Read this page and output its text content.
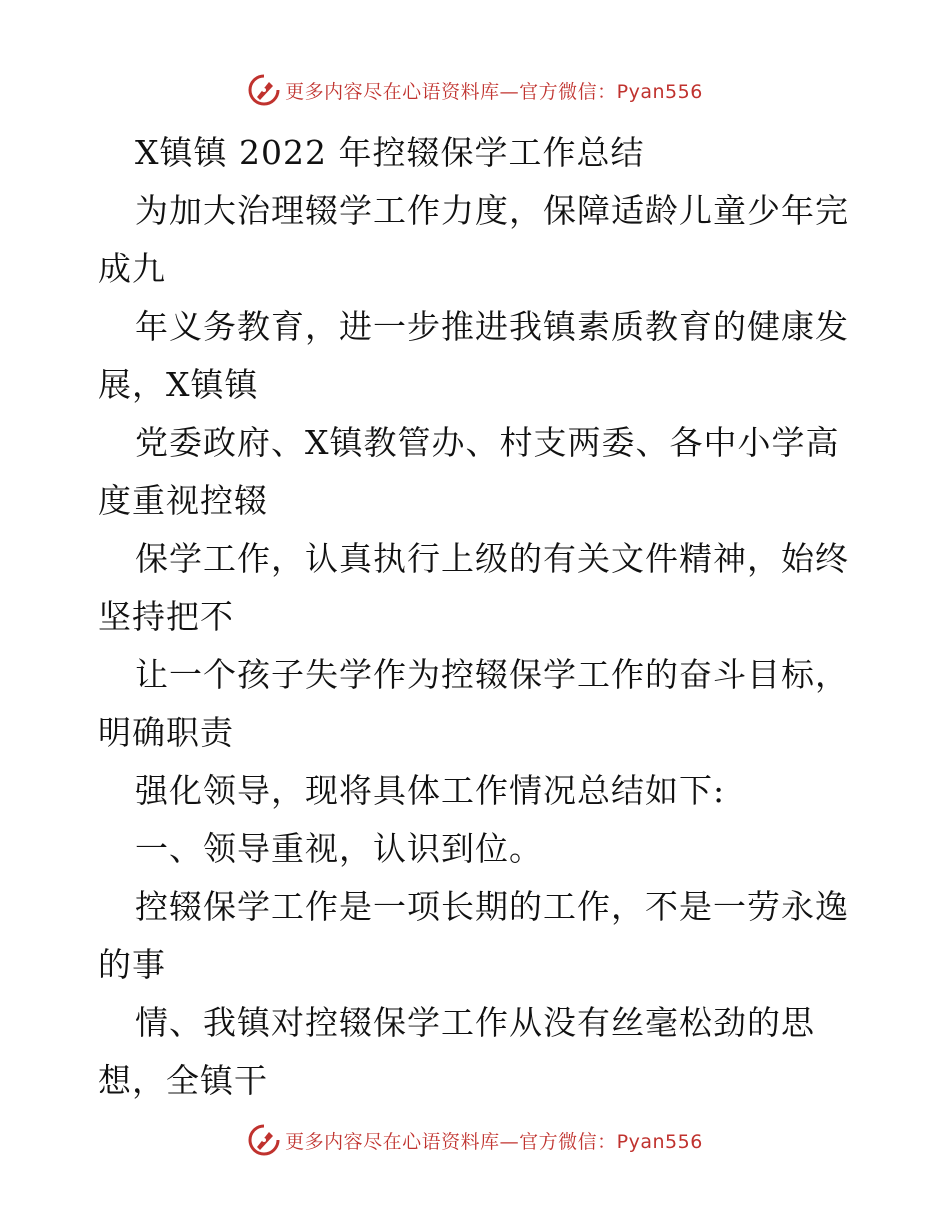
更多内容尽在心语资料库—官方微信：Pyan556
X镇镇 2022 年控辍保学工作总结
为加大治理辍学工作力度，保障适龄儿童少年完
成九
年义务教育，进一步推进我镇素质教育的健康发
展，X镇镇
党委政府、X镇教管办、村支两委、各中小学高
度重视控辍
保学工作，认真执行上级的有关文件精神，始终
坚持把不
让一个孩子失学作为控辍保学工作的奋斗目标，
明确职责
强化领导，现将具体工作情况总结如下:
一、领导重视，认识到位。
控辍保学工作是一项长期的工作，不是一劳永逸
的事
情、我镇对控辍保学工作从没有丝毫松劲的思
想，全镇干
更多内容尽在心语资料库—官方微信：Pyan556
